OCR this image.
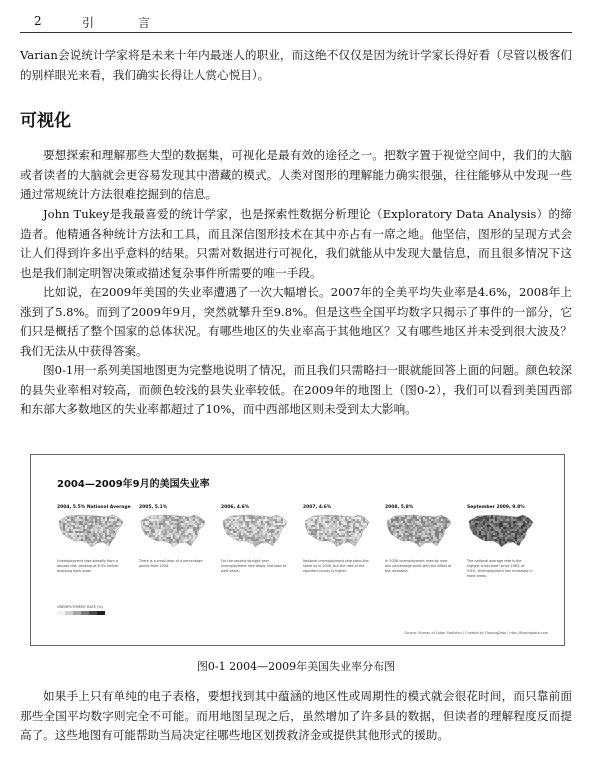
2	引	言

Varian会说统计学家将是未来十年内最迷人的职业，而这绝不仅仅是因为统计学家长得好看（尽管以极客们的别样眼光来看，我们确实长得让人赏心悦目）。

可视化

要想探索和理解那些大型的数据集，可视化是最有效的途径之一。把数字置于视觉空间中，我们的大脑或者读者的大脑就会更容易发现其中潜藏的模式。人类对图形的理解能力确实很强，往往能够从中发现一些通过常规统计方法很难挖掘到的信息。

John Tukey是我最喜爱的统计学家，也是探索性数据分析理论（Exploratory Data Analysis）的缔造者。他精通各种统计方法和工具，而且深信图形技术在其中亦占有一席之地。他坚信，图形的呈现方式会让人们得到许多出乎意料的结果。只需对数据进行可视化，我们就能从中发现大量信息，而且很多情况下这也是我们制定明智决策或描述复杂事件所需要的唯一手段。

比如说，在2009年美国的失业率遭遇了一次大幅增长。2007年的全美平均失业率是4.6%，2008年上涨到了5.8%。而到了2009年9月，突然就攀升至9.8%。但是这些全国平均数字只揭示了事件的一部分，它们只是概括了整个国家的总体状况。有哪些地区的失业率高于其他地区？又有哪些地区并未受到很大波及？我们无法从中获得答案。

图0-1用一系列美国地图更为完整地说明了情况，而且我们只需略扫一眼就能回答上面的问题。颜色较深的县失业率相对较高，而颜色较浅的县失业率较低。在2009年的地图上（图0-2），我们可以看到美国西部和东部大多数地区的失业率都超过了10%，而中西部地区则未受到太大影响。

2004—2009年9月的美国失业率
2004, 5.5% National Average
Unemployment rose steadily from a decade low, peaking at 6.3% before dropping back down
2005, 5.1%
There is a small drop of a percentage points from 2004.
2006, 4.6%
For the second straight year, unemployment rate drops, like lows of past years.
2007, 4.6%
National unemployment rate stays the same as in 2006, but the rate of the reported county is higher.
2008, 5.8%
In 2008 unemployment rises by over one percentage point with the effect of the recession.
September 2009, 9.8%
The national average rate is the highest it has been since 1983, at 9.8%. Unemployment has increased in most areas.
UNEMPLOYMENT RATE (%)
Source: Bureau of Labor Statistics | Created by FlowingData / http://flowingdata.com
图0-1 2004—2009年美国失业率分布图

如果手上只有单纯的电子表格，要想找到其中蕴涵的地区性或周期性的模式就会很花时间，而只靠前面那些全国平均数字则完全不可能。而用地图呈现之后，虽然增加了许多县的数据，但读者的理解程度反而提高了。这些地图有可能帮助当局决定往哪些地区划拨救济金或提供其他形式的援助。
